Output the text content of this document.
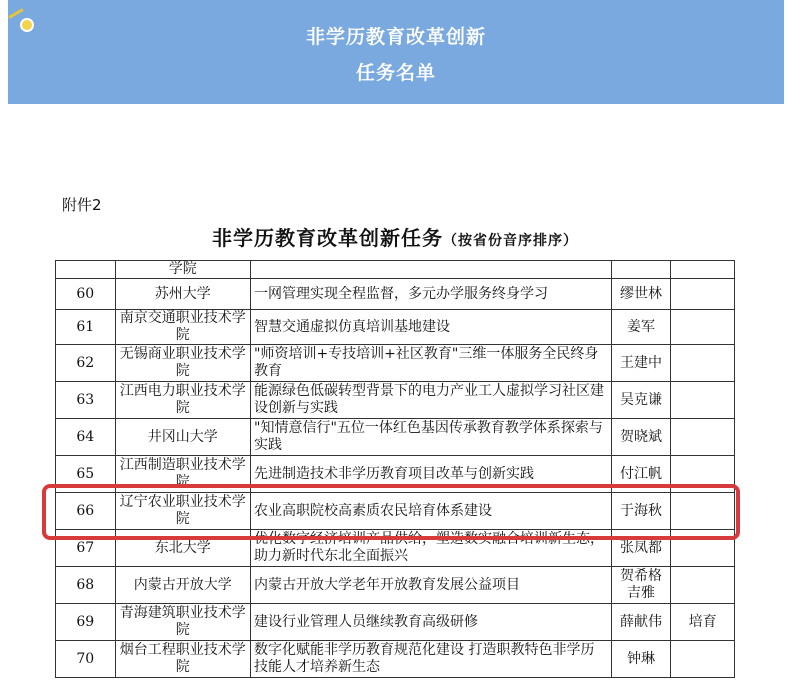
非学历教育改革创新
任务名单
附件2
非学历教育改革创新任务（按省份音序排序）
	学院			
60	苏州大学	一网管理实现全程监督，多元办学服务终身学习	缪世林	
61	南京交通职业技术学院	智慧交通虚拟仿真培训基地建设	姜军	
62	无锡商业职业技术学院	"师资培训+专技培训+社区教育"三维一体服务全民终身教育	王建中	
63	江西电力职业技术学院	能源绿色低碳转型背景下的电力产业工人虚拟学习社区建设创新与实践	吴克谦	
64	井冈山大学	"知情意信行"五位一体红色基因传承教育教学体系探索与实践	贺晓斌	
65	江西制造职业技术学院	先进制造技术非学历教育项目改革与创新实践	付江帆	
66	辽宁农业职业技术学院	农业高职院校高素质农民培育体系建设	于海秋	
67	东北大学	优化数字经济培训产品供给，塑造数实融合培训新生态，助力新时代东北全面振兴	张凤都	
68	内蒙古开放大学	内蒙古开放大学老年开放教育发展公益项目	贺希格吉雅	
69	青海建筑职业技术学院	建设行业管理人员继续教育高级研修	薛献伟	培育
70	烟台工程职业技术学院	数字化赋能非学历教育规范化建设 打造职教特色非学历技能人才培养新生态	钟琳	
